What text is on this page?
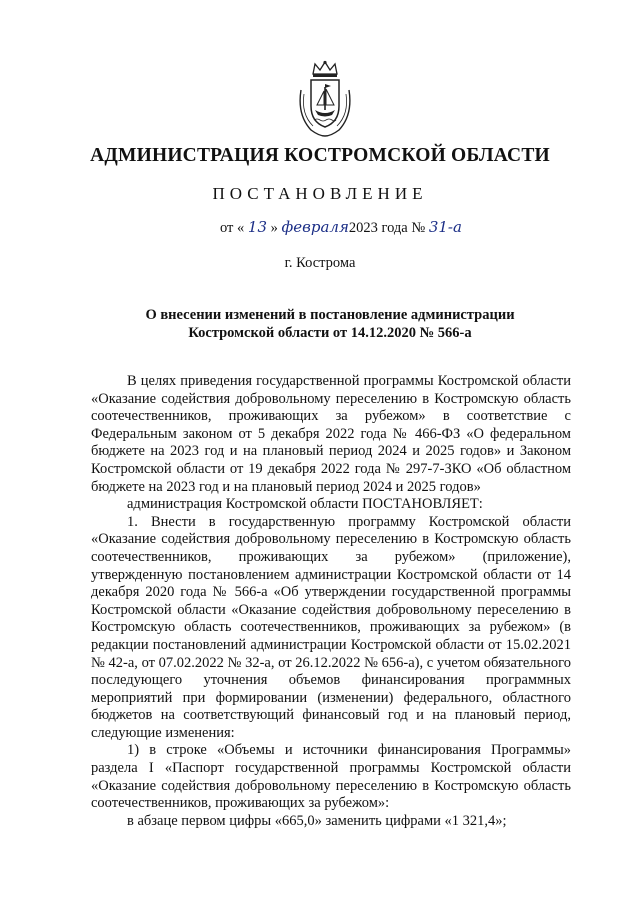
АДМИНИСТРАЦИЯ КОСТРОМСКОЙ ОБЛАСТИ
ПОСТАНОВЛЕНИЕ
от « 13 » февраля2023 года № 31-а
г. Кострома
О внесении изменений в постановление администрации
Костромской области от 14.12.2020 № 566-а

В целях приведения государственной программы Костромской области «Оказание содействия добровольному переселению в Костромскую область соотечественников, проживающих за рубежом» в соответствие с Федеральным законом от 5 декабря 2022 года № 466-ФЗ «О федеральном бюджете на 2023 год и на плановый период 2024 и 2025 годов» и Законом Костромской области от 19 декабря 2022 года № 297-7-ЗКО «Об областном бюджете на 2023 год и на плановый период 2024 и 2025 годов»

администрация Костромской области ПОСТАНОВЛЯЕТ:

1. Внести в государственную программу Костромской области «Оказание содействия добровольному переселению в Костромскую область соотечественников, проживающих за рубежом» (приложение), утвержденную постановлением администрации Костромской области от 14 декабря 2020 года № 566-а «Об утверждении государственной программы Костромской области «Оказание содействия добровольному переселению в Костромскую область соотечественников, проживающих за рубежом» (в редакции постановлений администрации Костромской области от 15.02.2021 № 42-а, от 07.02.2022 № 32-а, от 26.12.2022 № 656-а), с учетом обязательного последующего уточнения объемов финансирования программных мероприятий при формировании (изменении) федерального, областного бюджетов на соответствующий финансовый год и на плановый период, следующие изменения:

1) в строке «Объемы и источники финансирования Программы» раздела I «Паспорт государственной программы Костромской области «Оказание содействия добровольному переселению в Костромскую область соотечественников, проживающих за рубежом»:

в абзаце первом цифры «665,0» заменить цифрами «1 321,4»;
